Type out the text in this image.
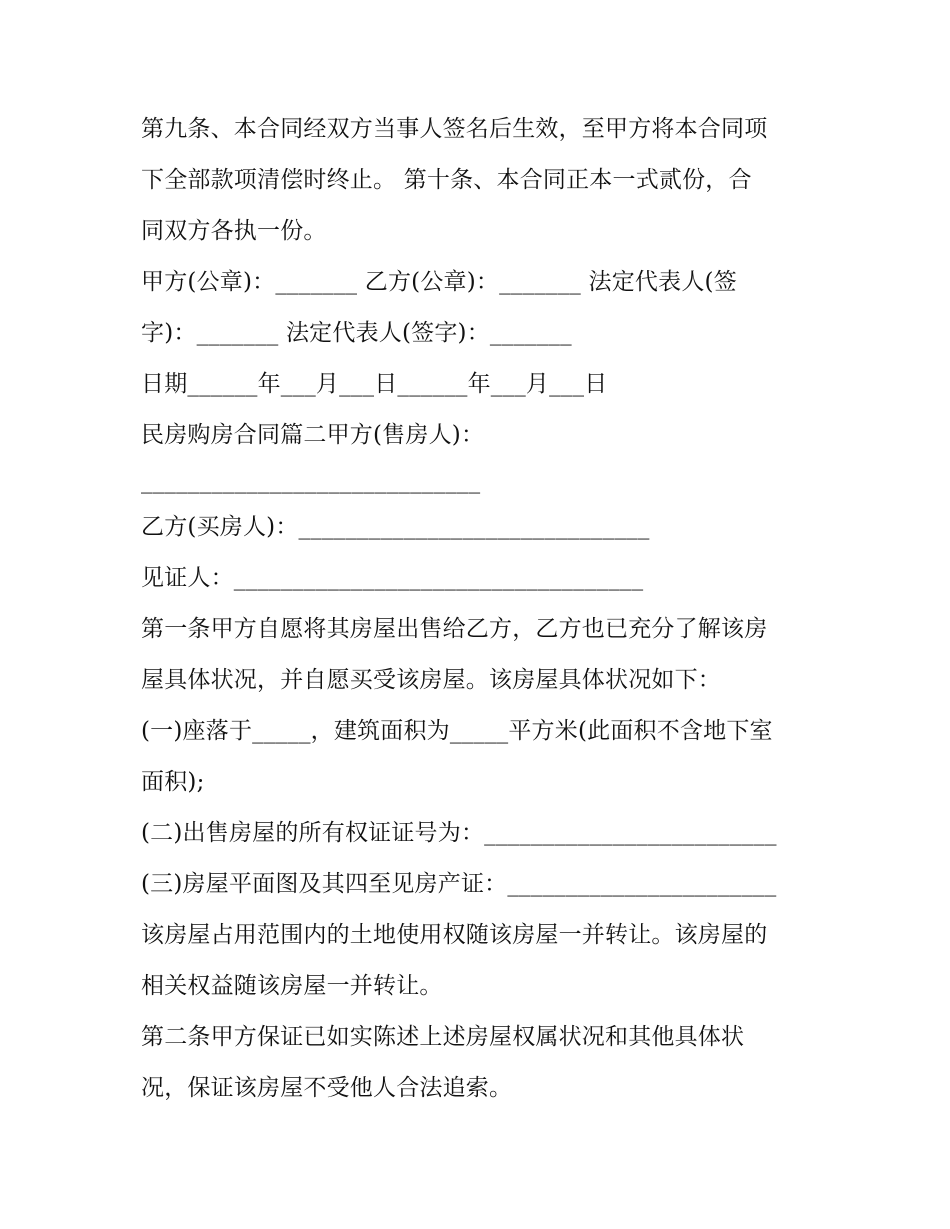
第九条、本合同经双方当事人签名后生效，至甲方将本合同项
下全部款项清偿时终止。 第十条、本合同正本一式贰份，合
同双方各执一份。
甲方(公章)：_______ 乙方(公章)：_______ 法定代表人(签
字)：_______ 法定代表人(签字)：_______
日期______年___月___日______年___月___日
民房购房合同篇二甲方(售房人)：
_____________________________
乙方(买房人)：______________________________
见证人：___________________________________
第一条甲方自愿将其房屋出售给乙方，乙方也已充分了解该房
屋具体状况，并自愿买受该房屋。该房屋具体状况如下：
(一)座落于_____，建筑面积为_____平方米(此面积不含地下室
面积);
(二)出售房屋的所有权证证号为：_________________________
(三)房屋平面图及其四至见房产证：_______________________
该房屋占用范围内的土地使用权随该房屋一并转让。该房屋的
相关权益随该房屋一并转让。
第二条甲方保证已如实陈述上述房屋权属状况和其他具体状
况，保证该房屋不受他人合法追索。
